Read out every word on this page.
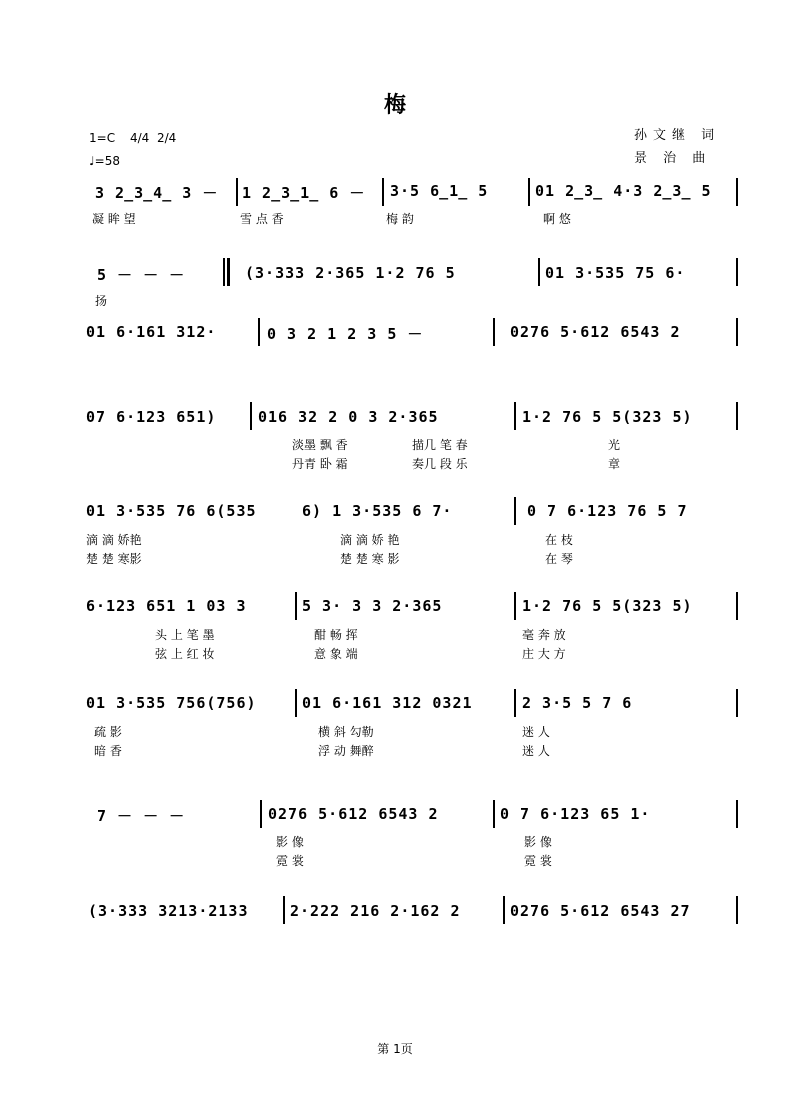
梅
1=C 4/4  2/4
♩=58
孙文继 词
景 治 曲
3 2̲3̲4̲ 3 － 1 2̲3̲1̲ 6 － 3·5 6̲1̲ 5	01 2̲3̲ 4·3 2̲3̲ 5
凝 眸 望	雪 点 香	梅 韵	啊 悠
5 － － －	(3·333 2·365 1·2 76 5	01 3·535 75 6·
扬
01 6·161 312·	0 3 2 1 2 3 5 －	0276 5·612 6543 2
07 6·123 651)	016 32 2 0 3 2·365	1·2 76 5 5(323 5)
淡墨 飘 香	描几 笔 春	光
丹青 卧 霜	奏几 段 乐	章
01 3·535 76 6(535	6) 1 3·535 6 7·	0 7 6·123 76 5 7
滴 滴 娇艳	滴 滴 娇 艳	在 枝
楚 楚 寒影	楚 楚 寒 影	在 琴
6·123 651 1 03 3	5 3· 3 3 2·365	1·2 76 5 5(323 5)
头 上 笔 墨	酣 畅 挥	毫 奔 放
弦 上 红 妆	意 象 端	庄 大 方
01 3·535 756(756)	01 6·161 312 0321	2 3·5 5 7 6
疏 影	横 斜 勾勒	迷 人
暗 香	浮 动 舞醉	迷 人
7 － － －	0276 5·612 6543 2	0 7 6·123 65 1·
影 像	影 像
霓 裳	霓 裳
(3·333 3213·2133	2·222 216 2·162 2	0276 5·612 6543 27
第 1页
